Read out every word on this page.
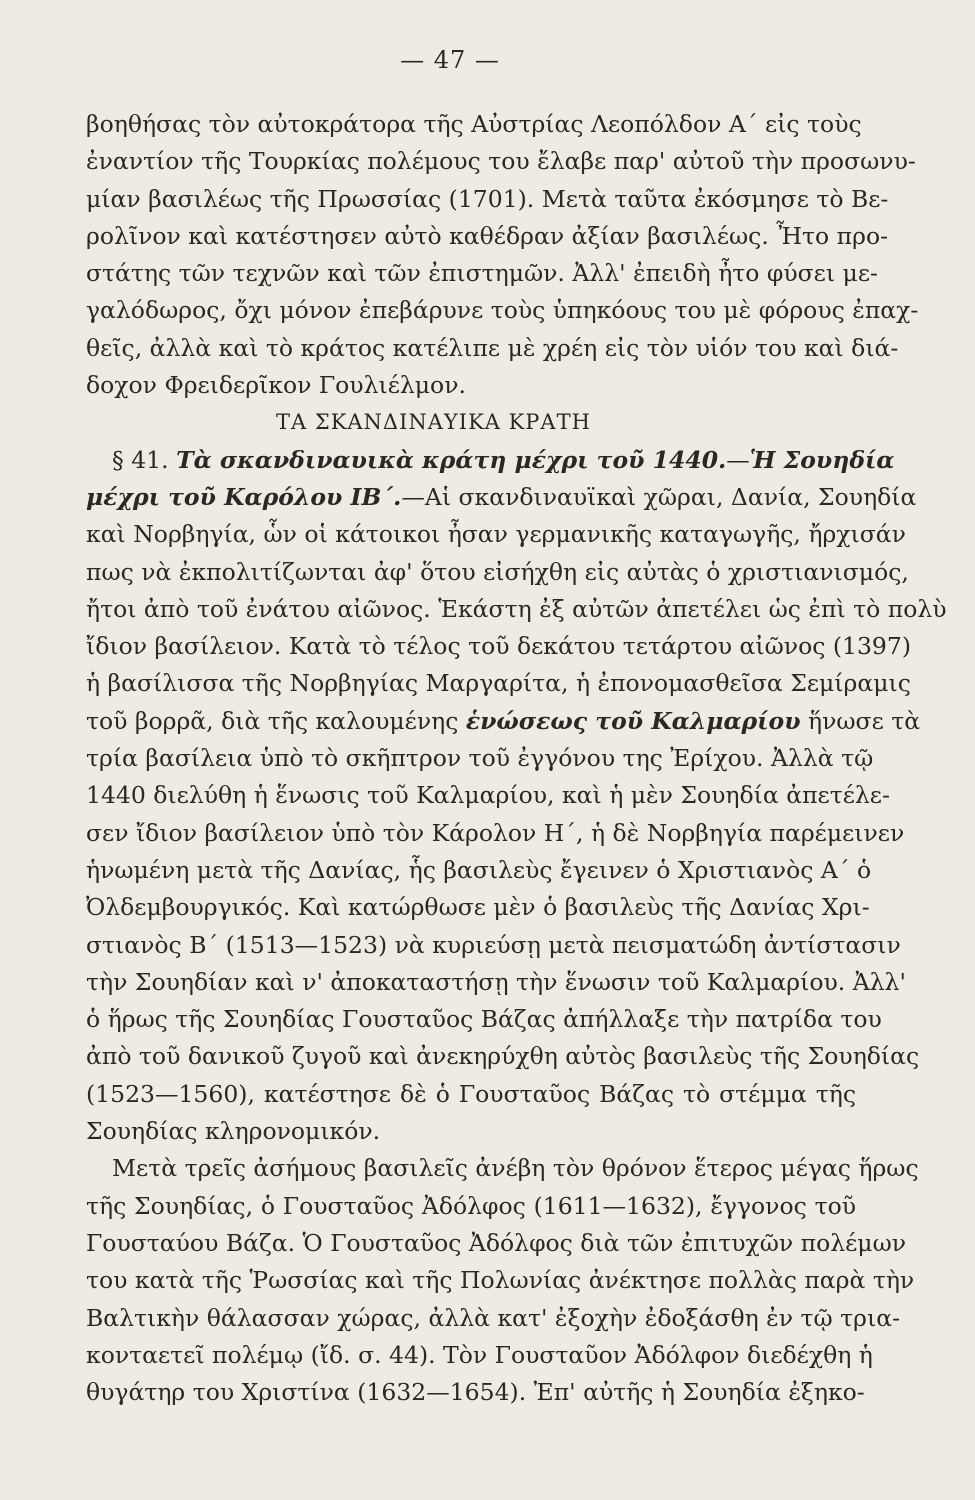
— 47 —
βοηθήσας τὸν αὐτοκράτορα τῆς Αὐστρίας Λεοπόλδον Α΄ εἰς τοὺς
ἐναντίον τῆς Τουρκίας πολέμους του ἔλαβε παρ' αὐτοῦ τὴν προσωνυ-
μίαν βασιλέως τῆς Πρωσσίας (1701). Μετὰ ταῦτα ἐκόσμησε τὸ Βε-
ρολῖνον καὶ κατέστησεν αὐτὸ καθέδραν ἀξίαν βασιλέως. Ἦτο προ-
στάτης τῶν τεχνῶν καὶ τῶν ἐπιστημῶν. Ἀλλ' ἐπειδὴ ἦτο φύσει με-
γαλόδωρος, ὄχι μόνον ἐπεβάρυνε τοὺς ὑπηκόους του μὲ φόρους ἐπαχ-
θεῖς, ἀλλὰ καὶ τὸ κράτος κατέλιπε μὲ χρέη εἰς τὸν υἱόν του καὶ διά-
δοχον Φρειδερῖκον Γουλιέλμον.
ΤΑ ΣΚΑΝΔΙΝΑΥΙΚΑ ΚΡΑΤΗ
§ 41. Τὰ σκανδιναυικὰ κράτη μέχρι τοῦ 1440.—Ἡ Σουηδία
μέχρι τοῦ Καρόλου ΙΒ΄.—Αἱ σκανδιναυϊκαὶ χῶραι, Δανία, Σουηδία
καὶ Νορβηγία, ὧν οἱ κάτοικοι ἦσαν γερμανικῆς καταγωγῆς, ἤρχισάν
πως νὰ ἐκπολιτίζωνται ἀφ' ὅτου εἰσήχθη εἰς αὐτὰς ὁ χριστιανισμός,
ἤτοι ἀπὸ τοῦ ἐνάτου αἰῶνος. Ἑκάστη ἐξ αὐτῶν ἀπετέλει ὡς ἐπὶ τὸ πολὺ
ἴδιον βασίλειον. Κατὰ τὸ τέλος τοῦ δεκάτου τετάρτου αἰῶνος (1397)
ἡ βασίλισσα τῆς Νορβηγίας Μαργαρίτα, ἡ ἐπονομασθεῖσα Σεμίραμις
τοῦ βορρᾶ, διὰ τῆς καλουμένης ἑνώσεως τοῦ Καλμαρίου ἥνωσε τὰ
τρία βασίλεια ὑπὸ τὸ σκῆπτρον τοῦ ἐγγόνου της Ἐρίχου. Ἀλλὰ τῷ
1440 διελύθη ἡ ἕνωσις τοῦ Καλμαρίου, καὶ ἡ μὲν Σουηδία ἀπετέλε-
σεν ἴδιον βασίλειον ὑπὸ τὸν Κάρολον Η΄, ἡ δὲ Νορβηγία παρέμεινεν
ἡνωμένη μετὰ τῆς Δανίας, ἧς βασιλεὺς ἔγεινεν ὁ Χριστιανὸς Α΄ ὁ
Ὀλδεμβουργικός. Καὶ κατώρθωσε μὲν ὁ βασιλεὺς τῆς Δανίας Χρι-
στιανὸς Β΄ (1513—1523) νὰ κυριεύσῃ μετὰ πεισματώδη ἀντίστασιν
τὴν Σουηδίαν καὶ ν' ἀποκαταστήσῃ τὴν ἕνωσιν τοῦ Καλμαρίου. Ἀλλ'
ὁ ἥρως τῆς Σουηδίας Γουσταῦος Βάζας ἀπήλλαξε τὴν πατρίδα του
ἀπὸ τοῦ δανικοῦ ζυγοῦ καὶ ἀνεκηρύχθη αὐτὸς βασιλεὺς τῆς Σουηδίας
(1523—1560), κατέστησε δὲ ὁ Γουσταῦος Βάζας τὸ στέμμα τῆς
Σουηδίας κληρονομικόν.
Μετὰ τρεῖς ἀσήμους βασιλεῖς ἀνέβη τὸν θρόνον ἕτερος μέγας ἥρως
τῆς Σουηδίας, ὁ Γουσταῦος Ἀδόλφος (1611—1632), ἔγγονος τοῦ
Γουσταύου Βάζα. Ὁ Γουσταῦος Ἀδόλφος διὰ τῶν ἐπιτυχῶν πολέμων
του κατὰ τῆς Ῥωσσίας καὶ τῆς Πολωνίας ἀνέκτησε πολλὰς παρὰ τὴν
Βαλτικὴν θάλασσαν χώρας, ἀλλὰ κατ' ἐξοχὴν ἐδοξάσθη ἐν τῷ τρια-
κονταετεῖ πολέμῳ (ἴδ. σ. 44). Τὸν Γουσταῦον Ἀδόλφον διεδέχθη ἡ
θυγάτηρ του Χριστίνα (1632—1654). Ἐπ' αὐτῆς ἡ Σουηδία ἐξηκο-
